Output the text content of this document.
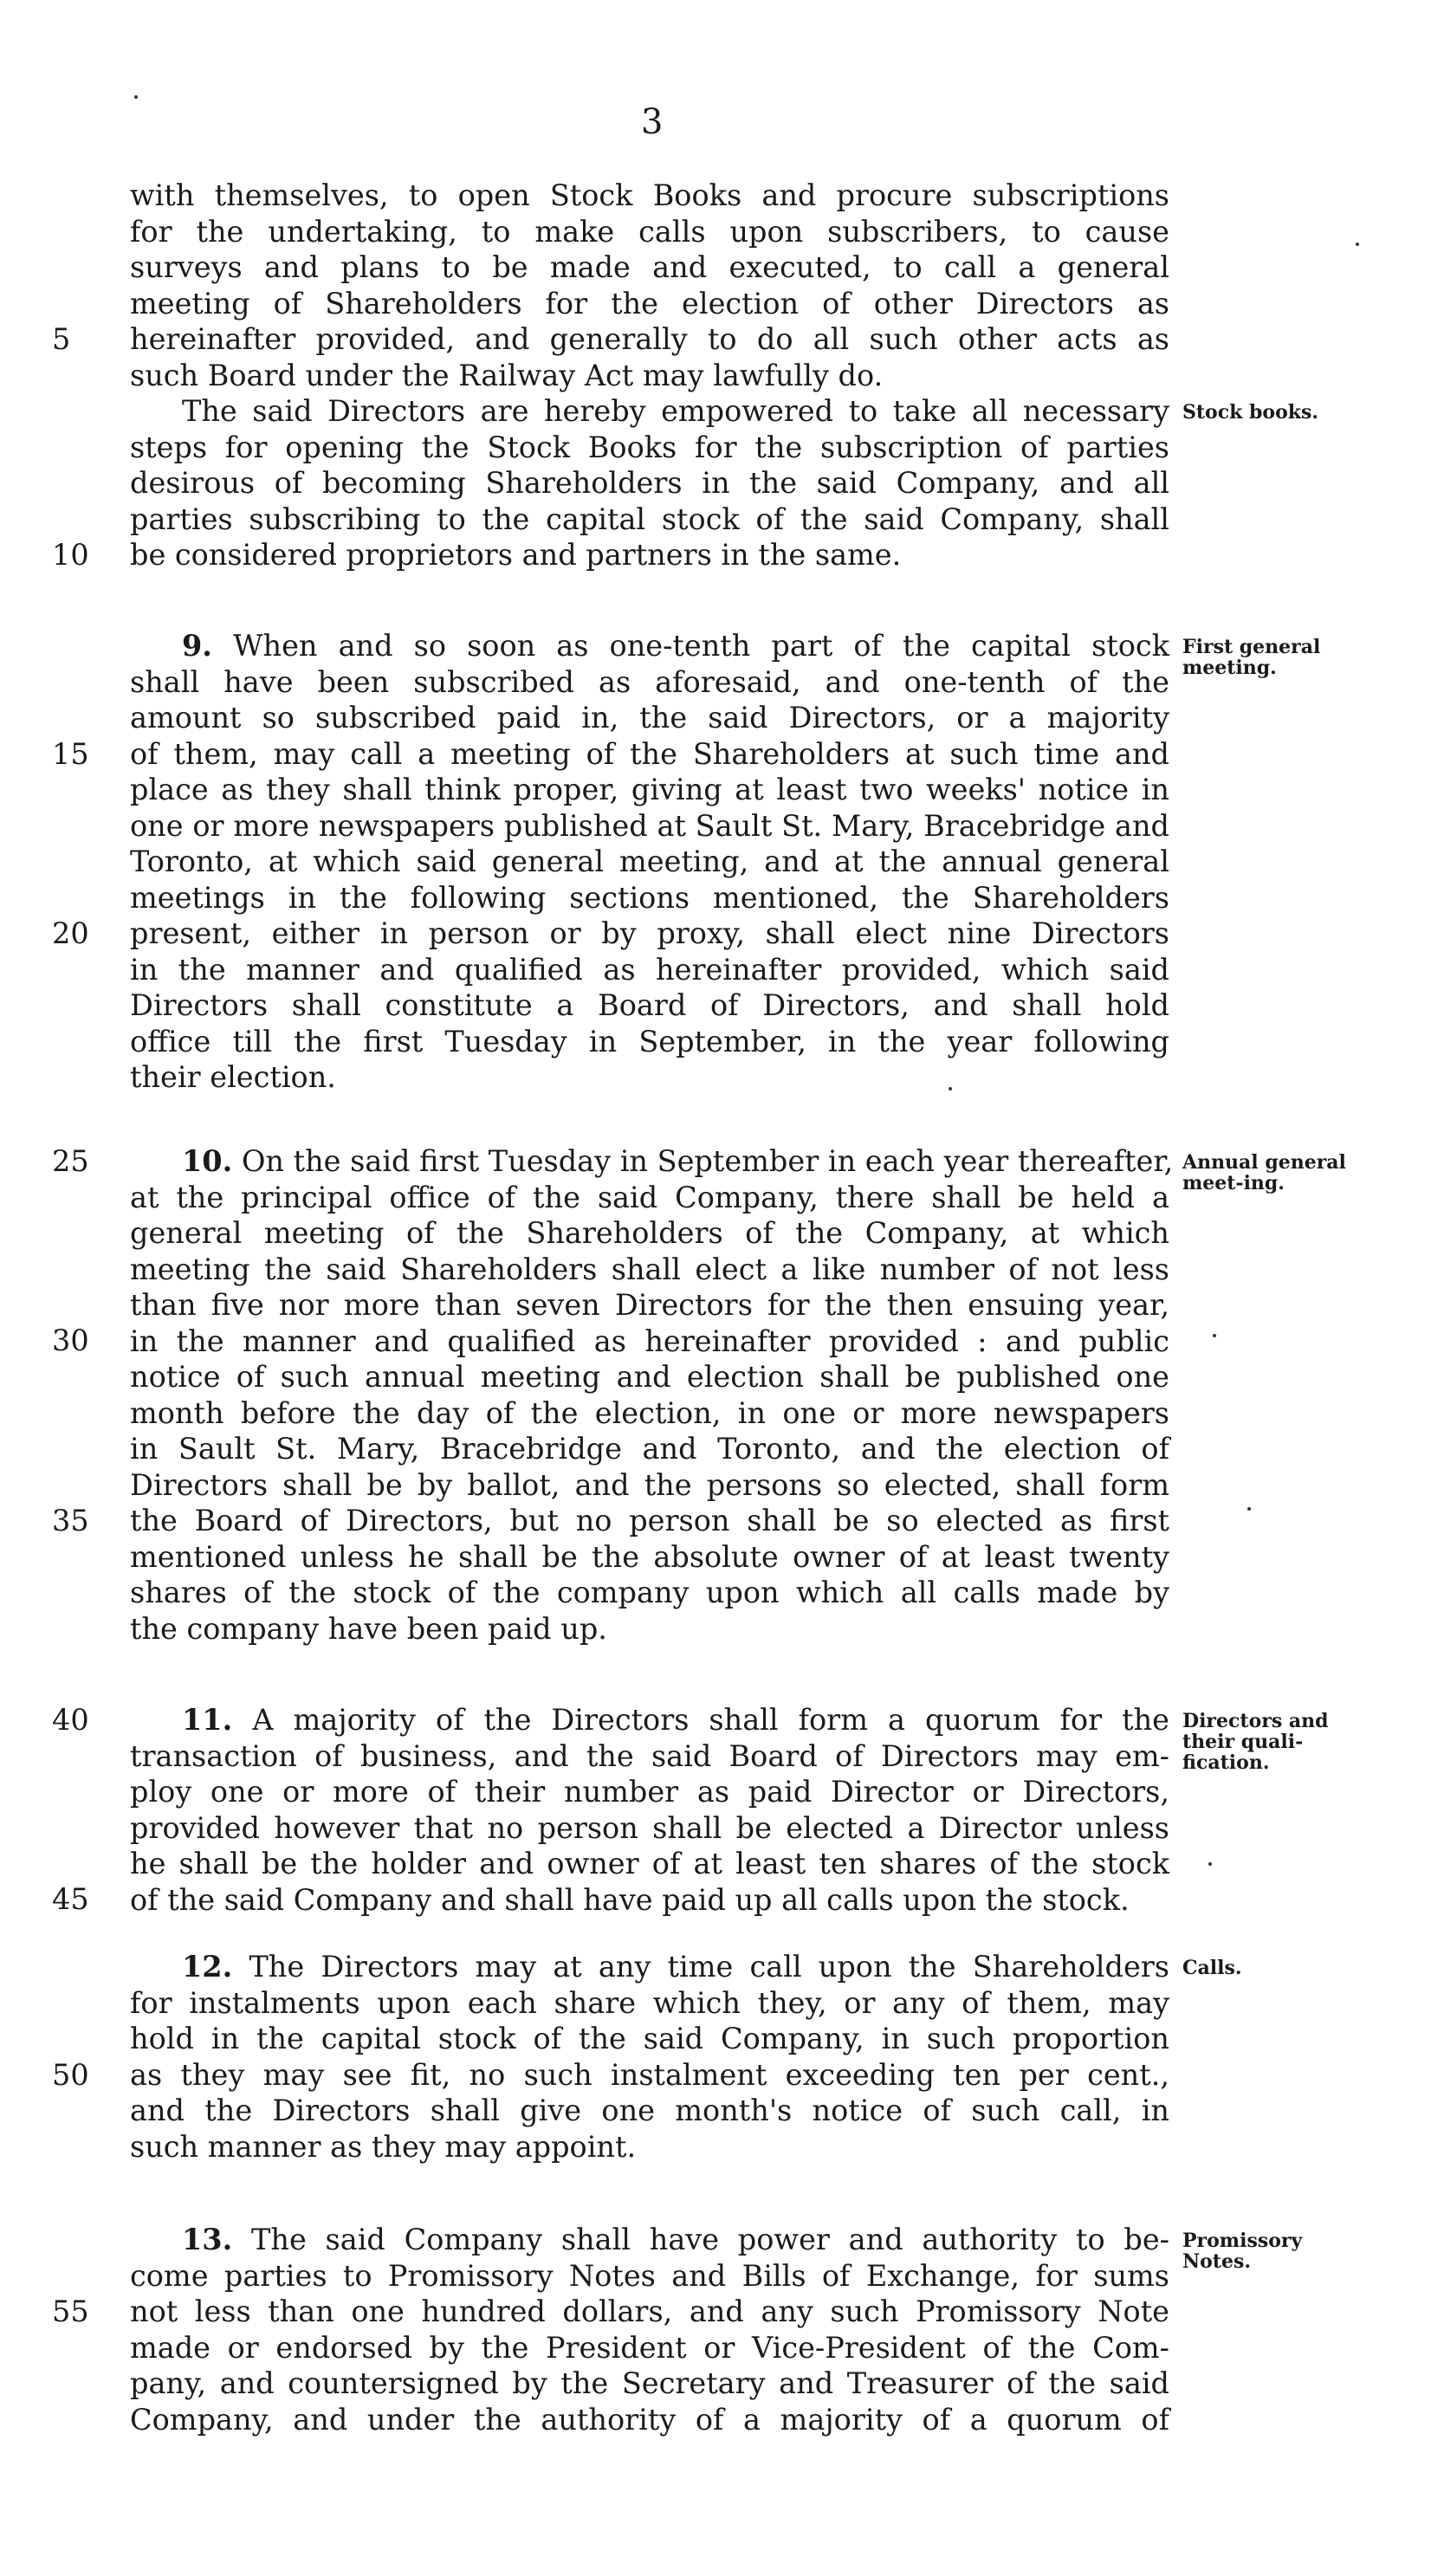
3
with themselves, to open Stock Books and procure subscriptions
for the undertaking, to make calls upon subscribers, to cause
surveys and plans to be made and executed, to call a general
meeting of Shareholders for the election of other Directors as
hereinafter provided, and generally to do all such other acts as
such Board under the Railway Act may lawfully do.
The said Directors are hereby empowered to take all necessary
steps for opening the Stock Books for the subscription of parties
desirous of becoming Shareholders in the said Company, and all
parties subscribing to the capital stock of the said Company, shall
be considered proprietors and partners in the same.
9. When and so soon as one-tenth part of the capital stock
shall have been subscribed as aforesaid, and one-tenth of the
amount so subscribed paid in, the said Directors, or a majority
of them, may call a meeting of the Shareholders at such time and
place as they shall think proper, giving at least two weeks' notice in
one or more newspapers published at Sault St. Mary, Bracebridge and
Toronto, at which said general meeting, and at the annual general
meetings in the following sections mentioned, the Shareholders
present, either in person or by proxy, shall elect nine Directors
in the manner and qualified as hereinafter provided, which said
Directors shall constitute a Board of Directors, and shall hold
office till the first Tuesday in September, in the year following
their election.
10. On the said first Tuesday in September in each year thereafter,
at the principal office of the said Company, there shall be held a
general meeting of the Shareholders of the Company, at which
meeting the said Shareholders shall elect a like number of not less
than five nor more than seven Directors for the then ensuing year,
in the manner and qualified as hereinafter provided : and public
notice of such annual meeting and election shall be published one
month before the day of the election, in one or more newspapers
in Sault St. Mary, Bracebridge and Toronto, and the election of
Directors shall be by ballot, and the persons so elected, shall form
the Board of Directors, but no person shall be so elected as first
mentioned unless he shall be the absolute owner of at least twenty
shares of the stock of the company upon which all calls made by
the company have been paid up.
11. A majority of the Directors shall form a quorum for the
transaction of business, and the said Board of Directors may em-
ploy one or more of their number as paid Director or Directors,
provided however that no person shall be elected a Director unless
he shall be the holder and owner of at least ten shares of the stock
of the said Company and shall have paid up all calls upon the stock.
12. The Directors may at any time call upon the Shareholders
for instalments upon each share which they, or any of them, may
hold in the capital stock of the said Company, in such proportion
as they may see fit, no such instalment exceeding ten per cent.,
and the Directors shall give one month's notice of such call, in
such manner as they may appoint.
13. The said Company shall have power and authority to be-
come parties to Promissory Notes and Bills of Exchange, for sums
not less than one hundred dollars, and any such Promissory Note
made or endorsed by the President or Vice-President of the Com-
pany, and countersigned by the Secretary and Treasurer of the said
Company, and under the authority of a majority of a quorum of
5
10
15
20
25
30
35
40
45
50
55
Stock books.
First general meeting.
Annual general meet-ing.
Directors and their quali-fication.
Calls.
Promissory Notes.
